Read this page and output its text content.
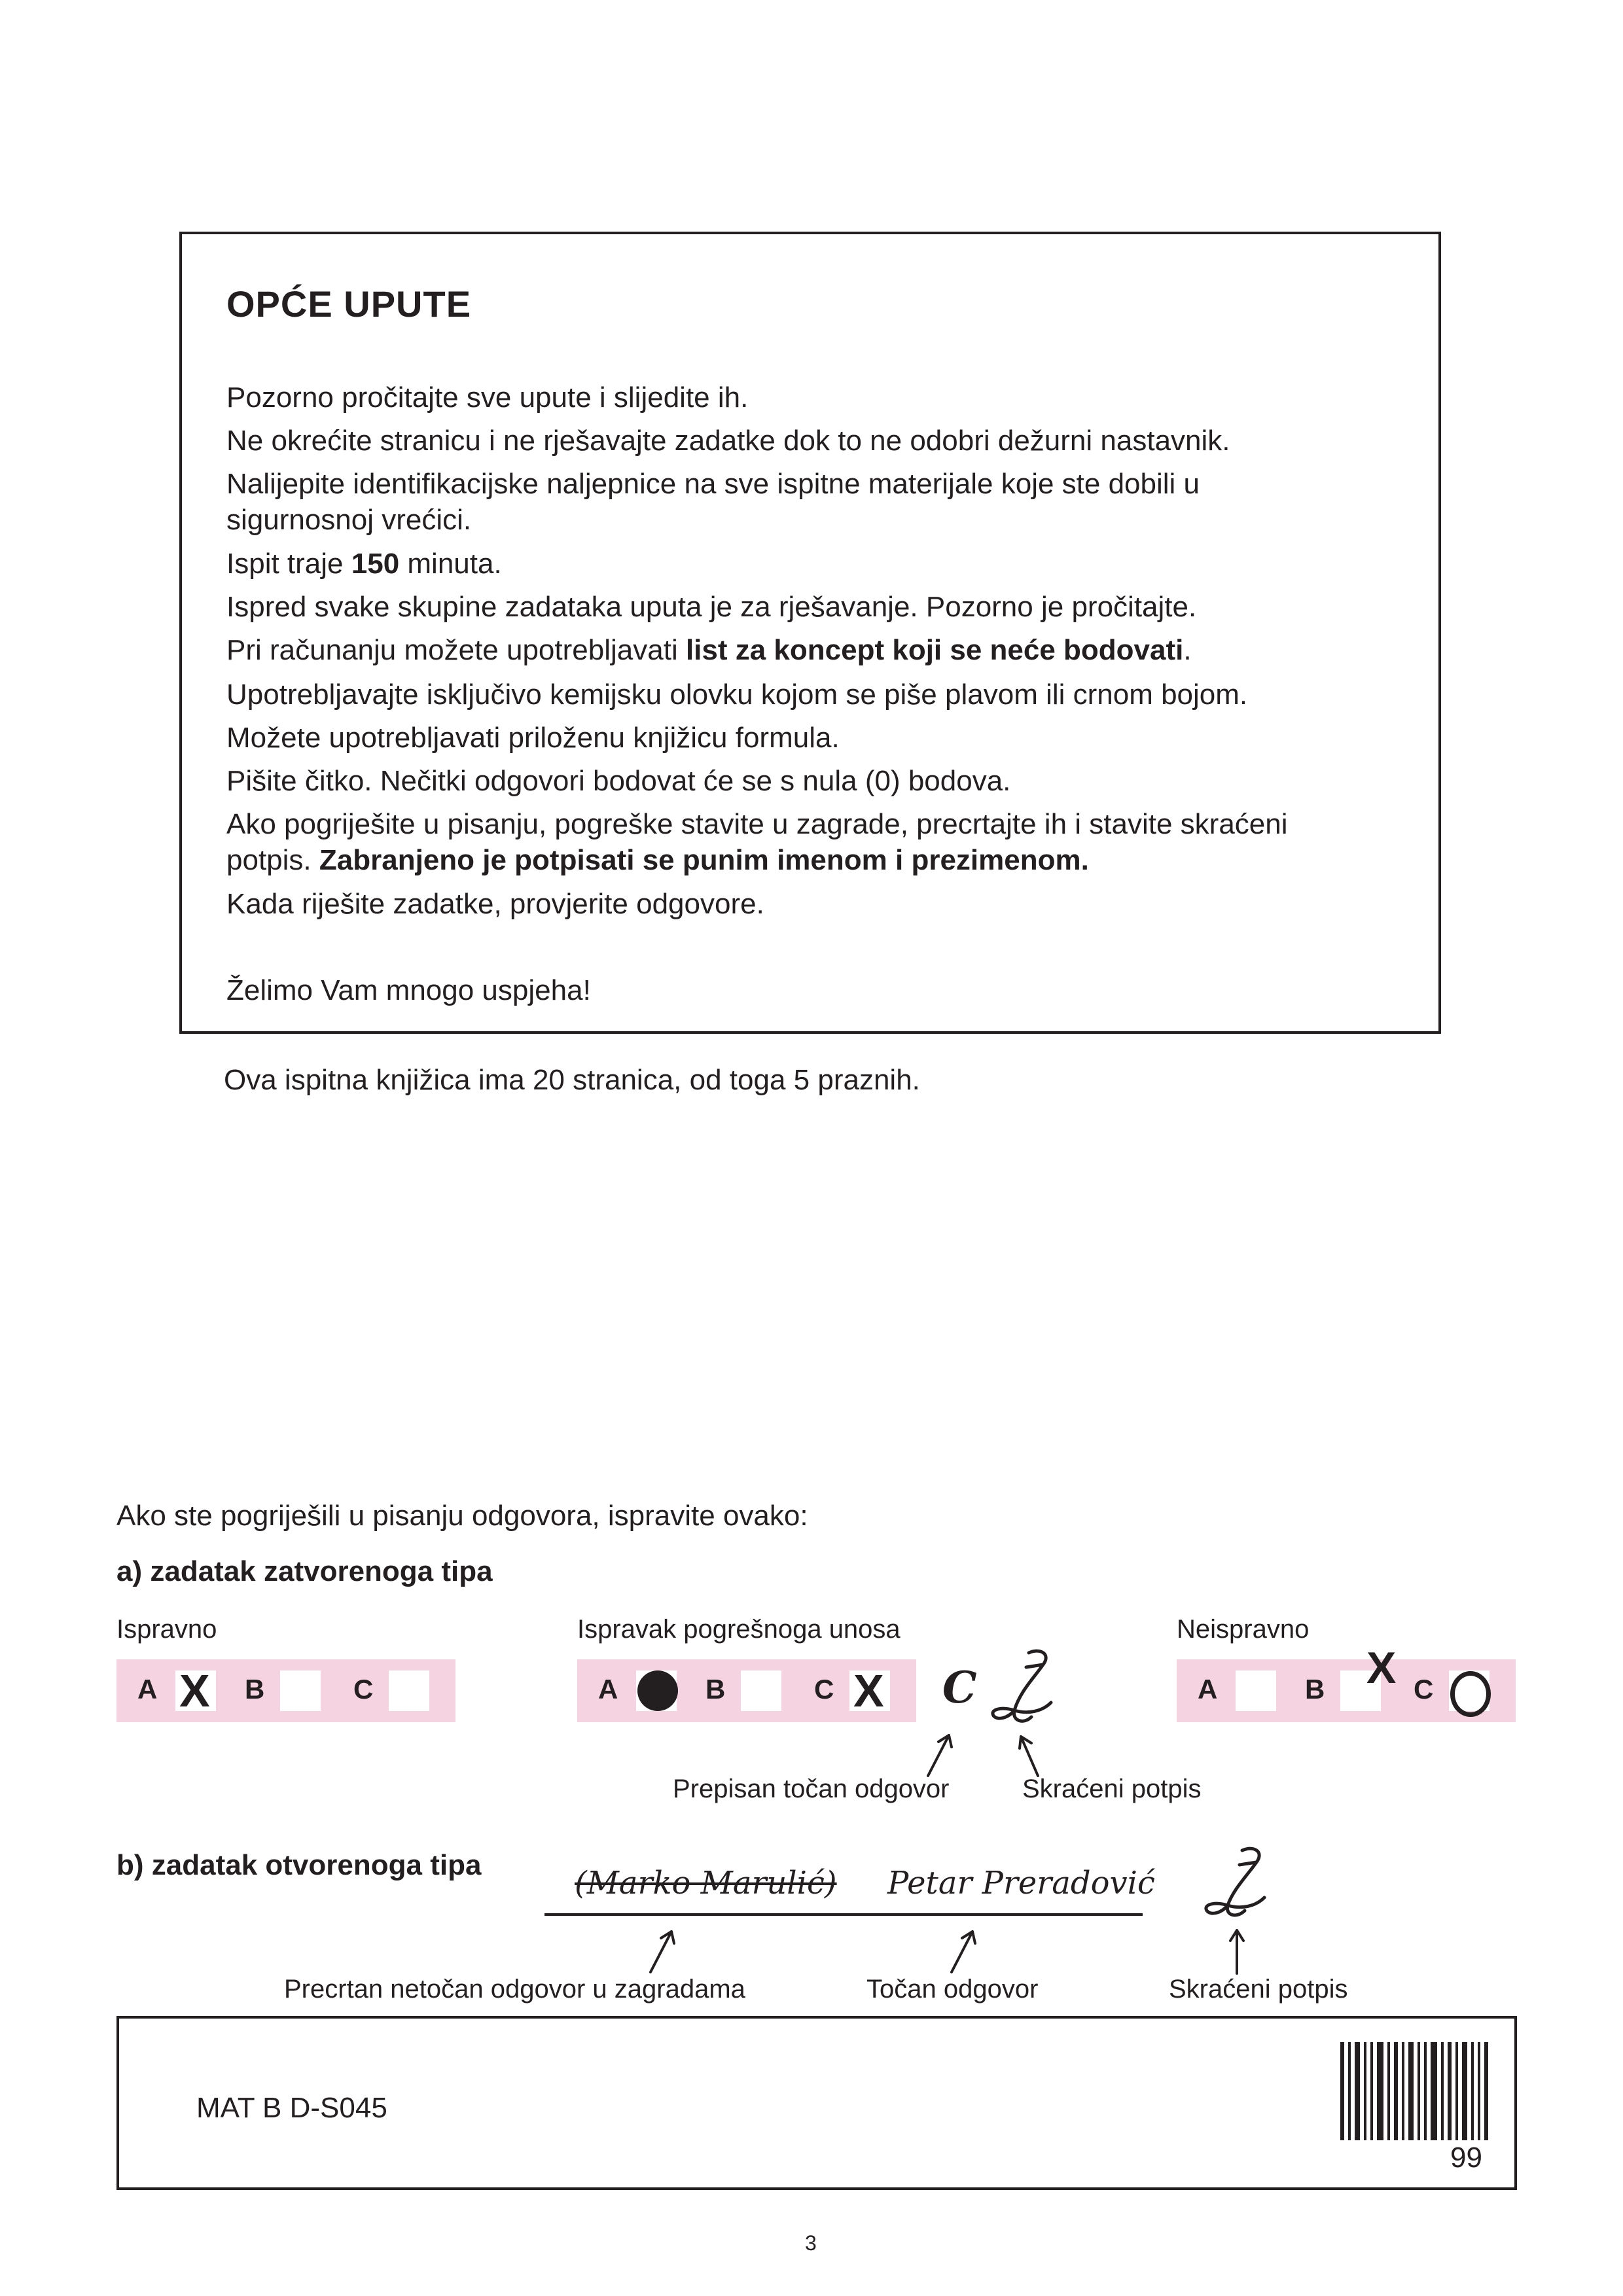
OPĆE UPUTE
Pozorno pročitajte sve upute i slijedite ih.
Ne okrećite stranicu i ne rješavajte zadatke dok to ne odobri dežurni nastavnik.
Nalijepite identifikacijske naljepnice na sve ispitne materijale koje ste dobili u
sigurnosnoj vrećici.
Ispit traje 150 minuta.
Ispred svake skupine zadataka uputa je za rješavanje. Pozorno je pročitajte.
Pri računanju možete upotrebljavati list za koncept koji se neće bodovati.
Upotrebljavajte isključivo kemijsku olovku kojom se piše plavom ili crnom bojom.
Možete upotrebljavati priloženu knjižicu formula.
Pišite čitko. Nečitki odgovori bodovat će se s nula (0) bodova.
Ako pogriješite u pisanju, pogreške stavite u zagrade, precrtajte ih i stavite skraćeni
potpis. Zabranjeno je potpisati se punim imenom i prezimenom.
Kada riješite zadatke, provjerite odgovore.
Želimo Vam mnogo uspjeha!
Ova ispitna knjižica ima 20 stranica, od toga 5 praznih.
Ako ste pogriješili u pisanju odgovora, ispravite ovako:
a) zadatak zatvorenoga tipa
Ispravno	Ispravak pogrešnoga unosa	Neispravno
A X B	C	A	B	C X C	A	B X C
Prepisan točan odgovor	Skraćeni potpis
b) zadatak otvorenoga tipa	(Marko Marulić) Petar Preradović
Precrtan netočan odgovor u zagradama	Točan odgovor	Skraćeni potpis
MAT B D-S045
99
3
